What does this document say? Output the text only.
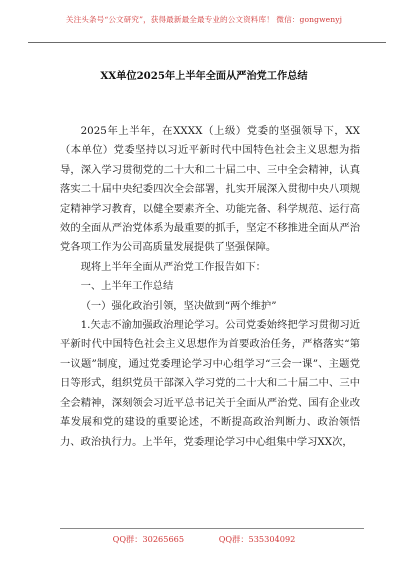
关注头条号“公文研究”，获得最新最全最专业的公文资料库！ 微信：gongwenyj
XX单位2025年上半年全面从严治党工作总结

2025年上半年，在XXXX（上级）党委的坚强领导下，XX（本单位）党委坚持以习近平新时代中国特色社会主义思想为指导，深入学习贯彻党的二十大和二十届二中、三中全会精神，认真落实二十届中央纪委四次全会部署，扎实开展深入贯彻中央八项规定精神学习教育，以健全要素齐全、功能完备、科学规范、运行高效的全面从严治党体系为最重要的抓手，坚定不移推进全面从严治党各项工作为公司高质量发展提供了坚强保障。

现将上半年全面从严治党工作报告如下：

一、上半年工作总结

（一）强化政治引领，坚决做到“两个维护”

1.矢志不渝加强政治理论学习。公司党委始终把学习贯彻习近平新时代中国特色社会主义思想作为首要政治任务，严格落实“第一议题”制度，通过党委理论学习中心组学习“三会一课”、主题党日等形式，组织党员干部深入学习党的二十大和二十届二中、三中全会精神，深刻领会习近平总书记关于全面从严治党、国有企业改革发展和党的建设的重要论述，不断提高政治判断力、政治领悟力、政治执行力。上半年，党委理论学习中心组集中学习XX次，

QQ群：30265665	QQ群：535304092
